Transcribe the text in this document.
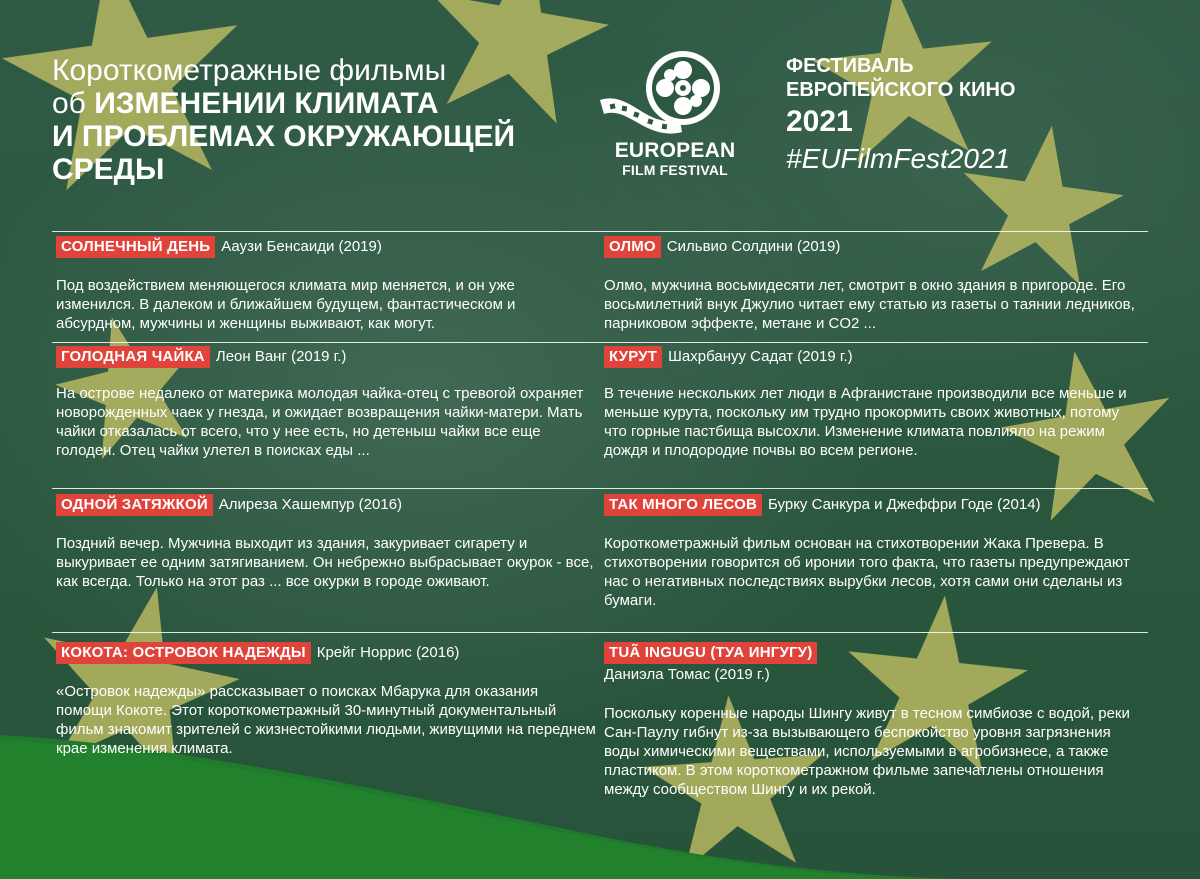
Короткометражные фильмы
об ИЗМЕНЕНИИ КЛИМАТА
И ПРОБЛЕМАХ ОКРУЖАЮЩЕЙ
СРЕДЫ
EUROPEAN
FILM FESTIVAL
ФЕСТИВАЛЬ
ЕВРОПЕЙСКОГО КИНО
2021
#EUFilmFest2021
СОЛНЕЧНЫЙ ДЕНЬ Ааузи Бенсаиди (2019)

Под воздействием меняющегося климата мир меняется, и он уже изменился. В далеком и ближайшем будущем, фантастическом и абсурдном, мужчины и женщины выживают, как могут.

ОЛМО Сильвио Солдини (2019)

Олмо, мужчина восьмидесяти лет, смотрит в окно здания в пригороде. Его восьмилетний внук Джулио читает ему статью из газеты о таянии ледников, парниковом эффекте, метане и CO2 ...

ГОЛОДНАЯ ЧАЙКА Леон Ванг (2019 г.)

На острове недалеко от материка молодая чайка-отец с тревогой охраняет новорожденных чаек у гнезда, и ожидает возвращения чайки-матери. Мать чайки отказалась от всего, что у нее есть, но детеныш чайки все еще голоден. Отец чайки улетел в поисках еды ...

КУРУТ Шахрбануу Садат (2019 г.)

В течение нескольких лет люди в Афганистане производили все меньше и меньше курута, поскольку им трудно прокормить своих животных, потому что горные пастбища высохли. Изменение климата повлияло на режим дождя и плодородие почвы во всем регионе.

ОДНОЙ ЗАТЯЖКОЙ Алиреза Хашемпур (2016)

Поздний вечер. Мужчина выходит из здания, закуривает сигарету и выкуривает ее одним затягиванием. Он небрежно выбрасывает окурок - все, как всегда. Только на этот раз ... все окурки в городе оживают.

ТАК МНОГО ЛЕСОВ Бурку Санкура и Джеффри Годе (2014)

Короткометражный фильм основан на стихотворении Жака Превера. В стихотворении говорится об иронии того факта, что газеты предупреждают нас о негативных последствиях вырубки лесов, хотя сами они сделаны из бумаги.

КОКОТА: ОСТРОВОК НАДЕЖДЫ Крейг Норрис (2016)

«Островок надежды» рассказывает о поисках Мбарука для оказания помощи Кокоте. Этот короткометражный 30-минутный документальный фильм знакомит зрителей с жизнестойкими людьми, живущими на переднем крае изменения климата.

TUÃ INGUGU (ТУА ИНГУГУ)
Даниэла Томас (2019 г.)

Поскольку коренные народы Шингу живут в тесном симбиозе с водой, реки Сан-Паулу гибнут из-за вызывающего беспокойство уровня загрязнения воды химическими веществами, используемыми в агробизнесе, а также пластиком. В этом короткометражном фильме запечатлены отношения между сообществом Шингу и их рекой.
